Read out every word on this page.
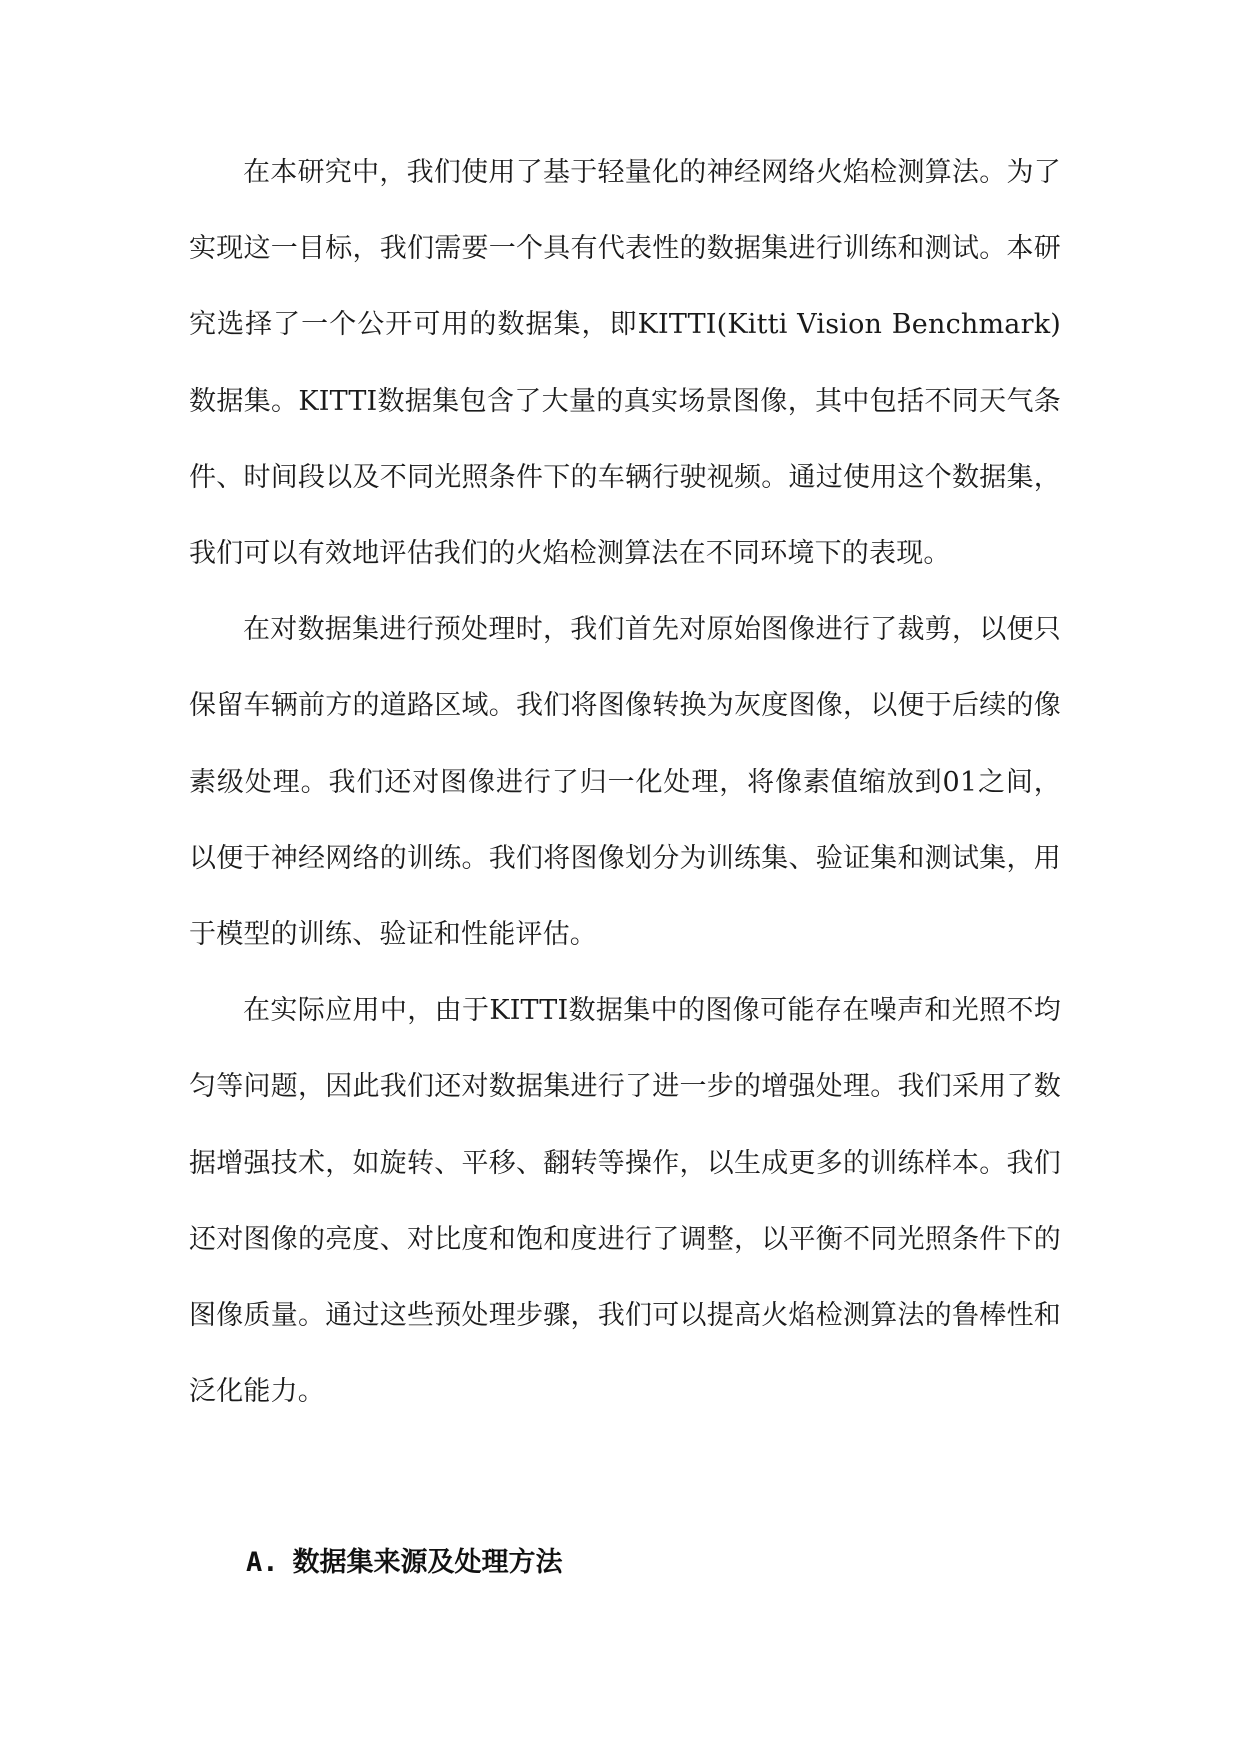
在本研究中，我们使用了基于轻量化的神经网络火焰检测算法。为了实现这一目标，我们需要一个具有代表性的数据集进行训练和测试。本研究选择了一个公开可用的数据集，即KITTI(Kitti Vision Benchmark)数据集。KITTI数据集包含了大量的真实场景图像，其中包括不同天气条件、时间段以及不同光照条件下的车辆行驶视频。通过使用这个数据集，我们可以有效地评估我们的火焰检测算法在不同环境下的表现。

在对数据集进行预处理时，我们首先对原始图像进行了裁剪，以便只保留车辆前方的道路区域。我们将图像转换为灰度图像，以便于后续的像素级处理。我们还对图像进行了归一化处理，将像素值缩放到01之间，以便于神经网络的训练。我们将图像划分为训练集、验证集和测试集，用于模型的训练、验证和性能评估。

在实际应用中，由于KITTI数据集中的图像可能存在噪声和光照不均匀等问题，因此我们还对数据集进行了进一步的增强处理。我们采用了数据增强技术，如旋转、平移、翻转等操作，以生成更多的训练样本。我们还对图像的亮度、对比度和饱和度进行了调整，以平衡不同光照条件下的图像质量。通过这些预处理步骤，我们可以提高火焰检测算法的鲁棒性和泛化能力。

A. 数据集来源及处理方法
